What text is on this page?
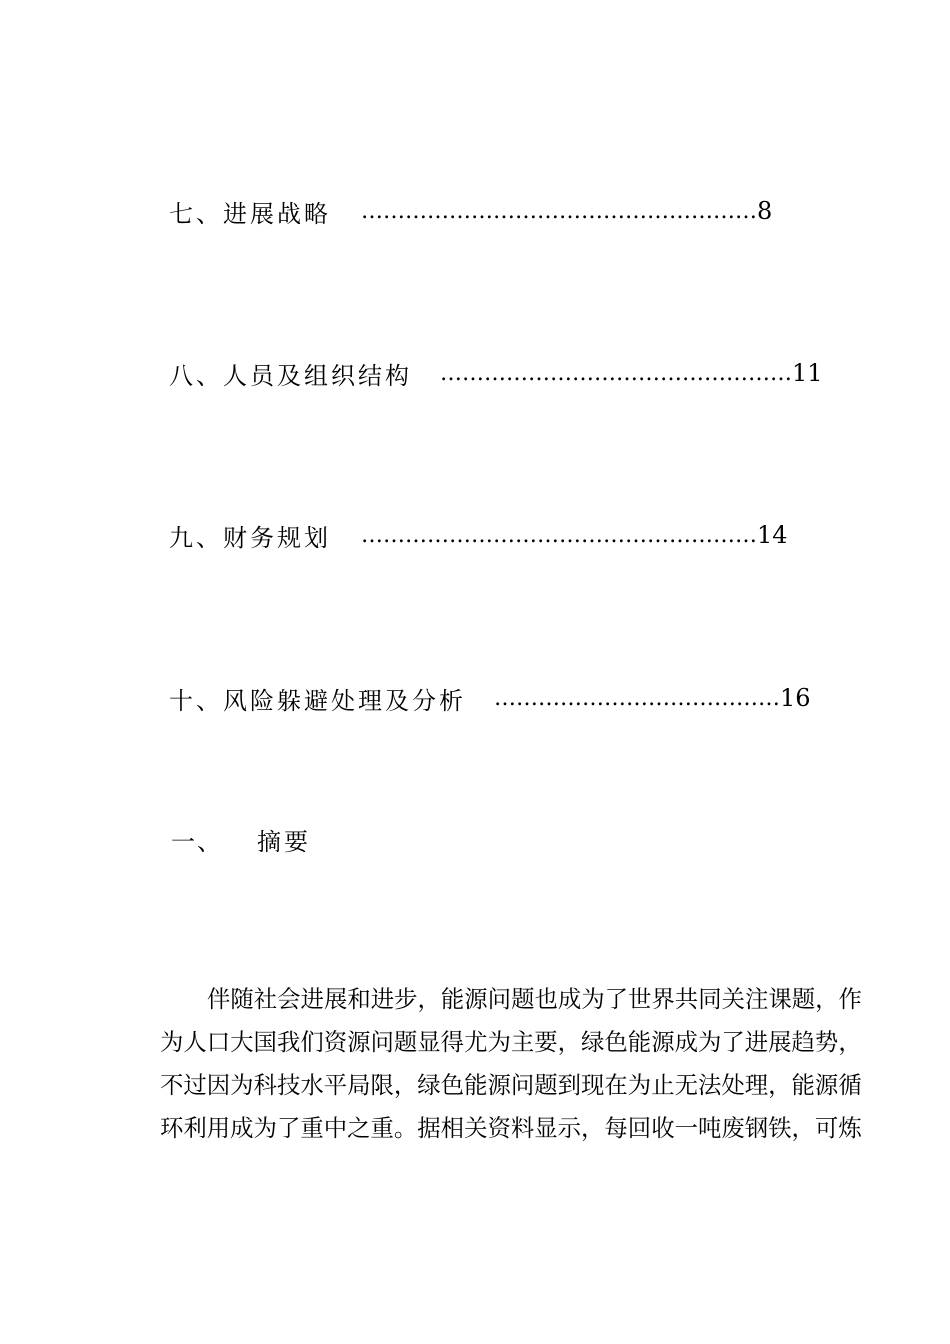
七、进展战略 ……………………………………………… 8
八、人员及组织结构 ………………………………………… 11
九、财务规划 ……………………………………………… 14
十、风险躲避处理及分析 ………………………………… 16
一、 摘要
伴随社会进展和进步，能源问题也成为了世界共同关注课题，作
为人口大国我们资源问题显得尤为主要，绿色能源成为了进展趋势，
不过因为科技水平局限，绿色能源问题到现在为止无法处理，能源循
环利用成为了重中之重。据相关资料显示，每回收一吨废钢铁，可炼
